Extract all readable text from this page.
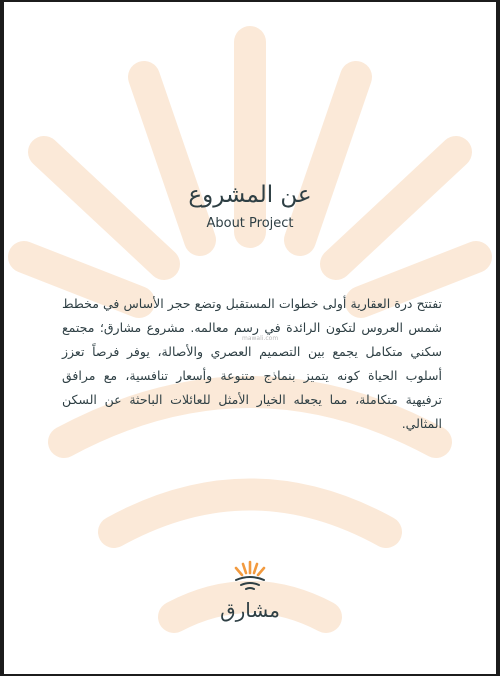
عن المشروع
About Project

تفتتح درة العقارية أولى خطوات المستقبل وتضع حجر الأساس في مخطط شمس العروس لتكون الرائدة في رسم معالمه. مشروع مشارق؛ مجتمع سكني متكامل يجمع بين التصميم العصري والأصالة، يوفر فرصاً تعزز أسلوب الحياة كونه يتميز بنماذج متنوعة وأسعار تنافسية، مع مرافق ترفيهية متكاملة، مما يجعله الخيار الأمثل للعائلات الباحثة عن السكن المثالي.

mawali.com
مشارق
